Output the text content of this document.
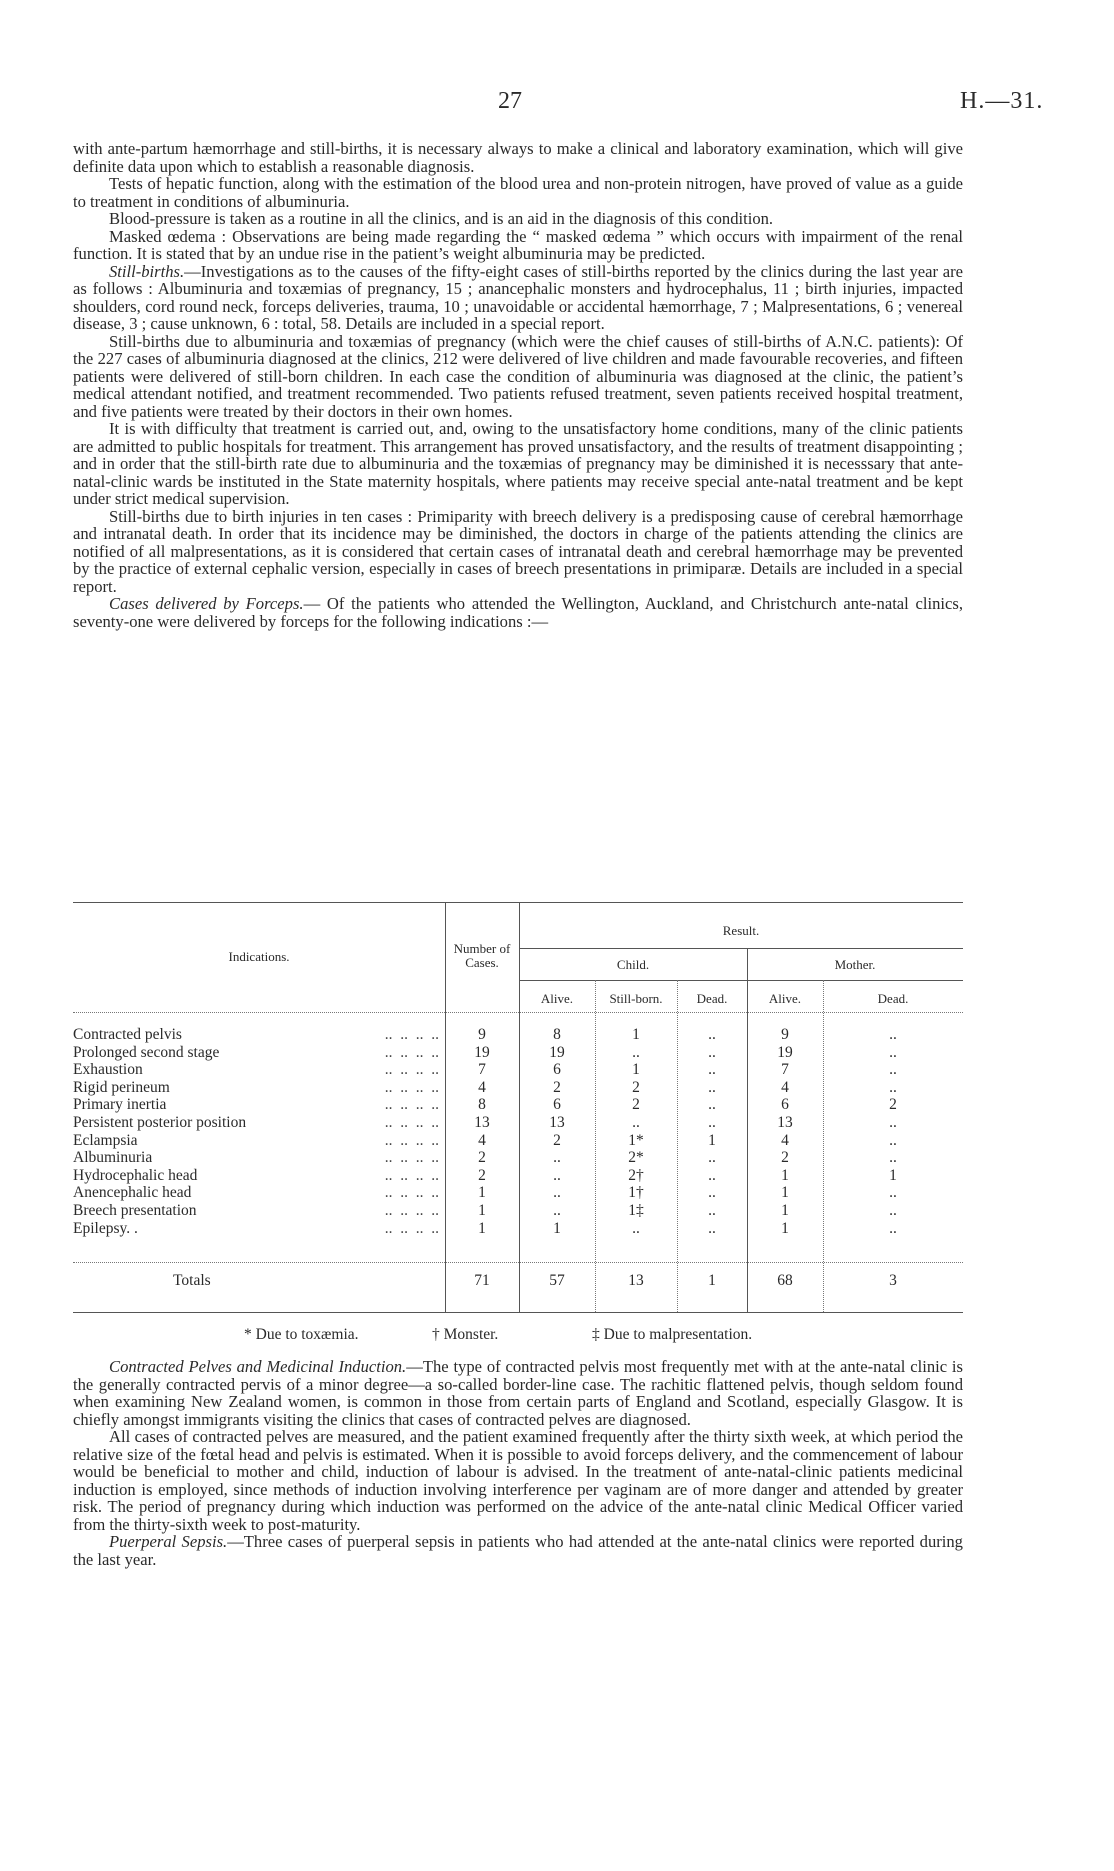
27	H.—31.

with ante-partum hæmorrhage and still-births, it is necessary always to make a clinical and laboratory examination, which will give definite data upon which to establish a reasonable diagnosis.

Tests of hepatic function, along with the estimation of the blood urea and non-protein nitrogen, have proved of value as a guide to treatment in conditions of albuminuria.

Blood-pressure is taken as a routine in all the clinics, and is an aid in the diagnosis of this condition.

Masked œdema : Observations are being made regarding the “ masked œdema ” which occurs with impairment of the renal function. It is stated that by an undue rise in the patient’s weight albuminuria may be predicted.

Still-births.—Investigations as to the causes of the fifty-eight cases of still-births reported by the clinics during the last year are as follows : Albuminuria and toxæmias of pregnancy, 15 ; anancephalic monsters and hydrocephalus, 11 ; birth injuries, impacted shoulders, cord round neck, forceps deliveries, trauma, 10 ; unavoidable or accidental hæmorrhage, 7 ; Malpresentations, 6 ; venereal disease, 3 ; cause unknown, 6 : total, 58. Details are included in a special report.

Still-births due to albuminuria and toxæmias of pregnancy (which were the chief causes of still-births of A.N.C. patients): Of the 227 cases of albuminuria diagnosed at the clinics, 212 were delivered of live children and made favourable recoveries, and fifteen patients were delivered of still-born children. In each case the condition of albuminuria was diagnosed at the clinic, the patient’s medical attendant notified, and treatment recommended. Two patients refused treatment, seven patients received hospital treatment, and five patients were treated by their doctors in their own homes.

It is with difficulty that treatment is carried out, and, owing to the unsatisfactory home conditions, many of the clinic patients are admitted to public hospitals for treatment. This arrangement has proved unsatisfactory, and the results of treatment disappointing ; and in order that the still-birth rate due to albuminuria and the toxæmias of pregnancy may be diminished it is necesssary that ante-natal-clinic wards be instituted in the State maternity hospitals, where patients may receive special ante-natal treatment and be kept under strict medical supervision.

Still-births due to birth injuries in ten cases : Primiparity with breech delivery is a predisposing cause of cerebral hæmorrhage and intranatal death. In order that its incidence may be diminished, the doctors in charge of the patients attending the clinics are notified of all malpresentations, as it is considered that certain cases of intranatal death and cerebral hæmorrhage may be prevented by the practice of external cephalic version, especially in cases of breech presentations in primiparæ. Details are included in a special report.

Cases delivered by Forceps.— Of the patients who attended the Wellington, Auckland, and Christchurch ante-natal clinics, seventy-one were delivered by forceps for the following indications :—

Result.
Indications.
Number of Cases.	Child.	Mother.
Alive.	Still-born.	Dead.	Alive.	Dead.
Contracted pelvis	.. .. .. ..	9	8	1	..	9	..
Prolonged second stage	.. .. .. ..	19	19	..	..	19	..
Exhaustion	.. .. .. ..	7	6	1	..	7	..
Rigid perineum	.. .. .. ..	4	2	2	..	4	..
Primary inertia	.. .. .. ..	8	6	2	..	6	2
Persistent posterior position	.. .. .. ..	13	13	..	..	13	..
Eclampsia	.. .. .. ..	4	2	1*	1	4	..
Albuminuria	.. .. .. ..	2	..	2*	..	2	..
Hydrocephalic head	.. .. .. ..	2	..	2†	..	1	1
Anencephalic head	.. .. .. ..	1	..	1†	..	1	..
Breech presentation	.. .. .. ..	1	..	1‡	..	1	..
Epilepsy. .	.. .. .. ..	1	1	..	..	1	..
Totals	71	57	13	1	68	3
* Due to toxæmia.	† Monster.	‡ Due to malpresentation.

Contracted Pelves and Medicinal Induction.—The type of contracted pelvis most frequently met with at the ante-natal clinic is the generally contracted pervis of a minor degree—a so-called border-line case. The rachitic flattened pelvis, though seldom found when examining New Zealand women, is common in those from certain parts of England and Scotland, especially Glasgow. It is chiefly amongst immigrants visiting the clinics that cases of contracted pelves are diagnosed.

All cases of contracted pelves are measured, and the patient examined frequently after the thirty sixth week, at which period the relative size of the fœtal head and pelvis is estimated. When it is possible to avoid forceps delivery, and the commencement of labour would be beneficial to mother and child, induction of labour is advised. In the treatment of ante-natal-clinic patients medicinal induction is employed, since methods of induction involving interference per vaginam are of more danger and attended by greater risk. The period of pregnancy during which induction was performed on the advice of the ante-natal clinic Medical Officer varied from the thirty-sixth week to post-maturity.

Puerperal Sepsis.—Three cases of puerperal sepsis in patients who had attended at the ante-natal clinics were reported during the last year.
